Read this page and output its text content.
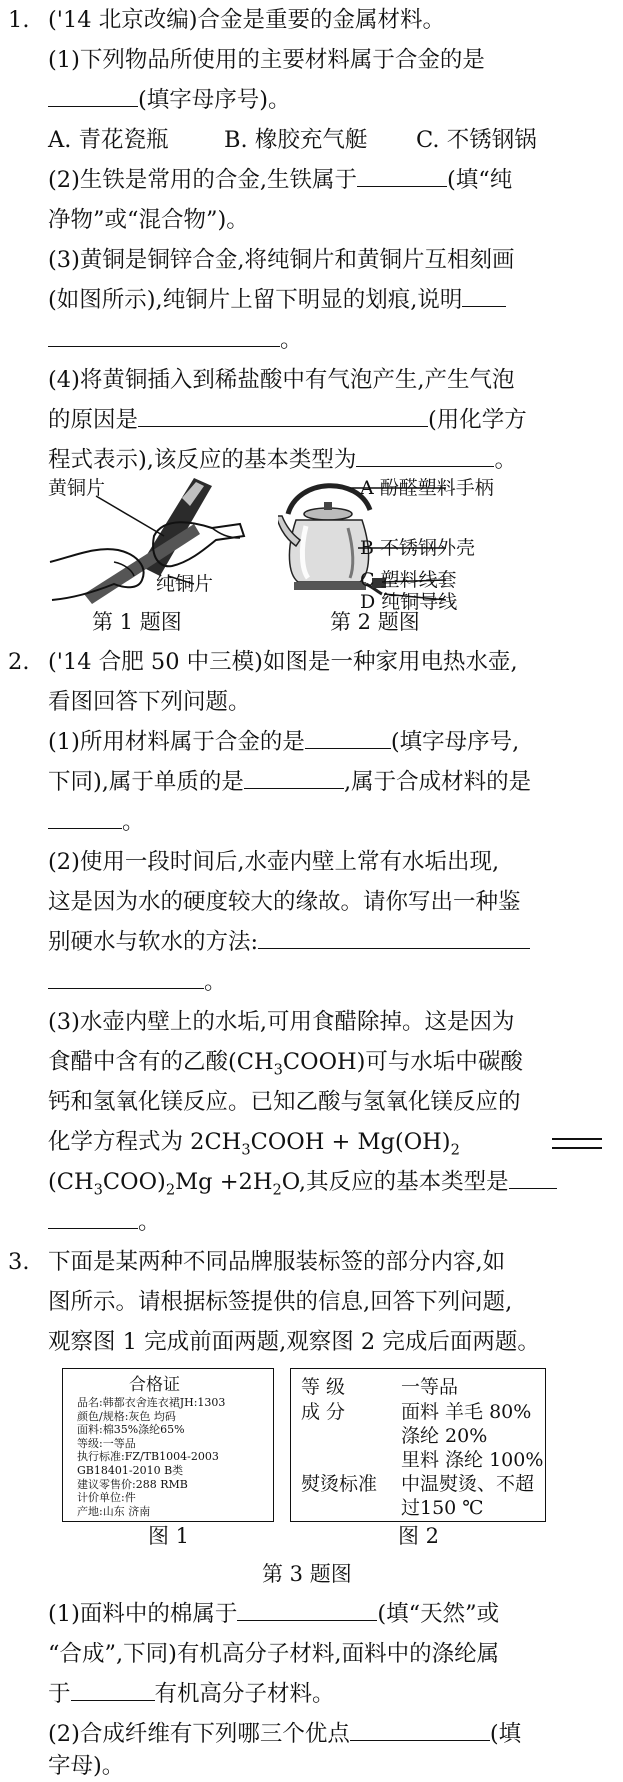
1. ('14 北京改编)合金是重要的金属材料。
(1)下列物品所使用的主要材料属于合金的是
(填字母序号)。
A. 青花瓷瓶 B. 橡胶充气艇 C. 不锈钢锅
(2)生铁是常用的合金,生铁属于	(填“纯
净物”或“混合物”)。
(3)黄铜是铜锌合金,将纯铜片和黄铜片互相刻画
(如图所示),纯铜片上留下明显的划痕,说明
。
(4)将黄铜插入到稀盐酸中有气泡产生,产生气泡
的原因是	(用化学方
程式表示),该反应的基本类型为	。
黄铜片
纯铜片
第 1 题图
A 酚醛塑料手柄
B 不锈钢外壳
C 塑料线套
D 纯铜导线
第 2 题图
2. ('14 合肥 50 中三模)如图是一种家用电热水壶,
看图回答下列问题。
(1)所用材料属于合金的是	(填字母序号,
下同),属于单质的是	,属于合成材料的是
。
(2)使用一段时间后,水壶内壁上常有水垢出现,
这是因为水的硬度较大的缘故。请你写出一种鉴
别硬水与软水的方法:
。
(3)水壶内壁上的水垢,可用食醋除掉。这是因为
食醋中含有的乙酸$(CH_3COOH)$可与水垢中碳酸
钙和氢氧化镁反应。已知乙酸与氢氧化镁反应的
化学方程式为 $2CH_3COOH + Mg(OH)_2$
$(CH_3COO)_2Mg +2H_2O$,其反应的基本类型是
。
3. 下面是某两种不同品牌服装标签的部分内容,如
图所示。请根据标签提供的信息,回答下列问题,
观察图 1 完成前面两题,观察图 2 完成后面两题。
合格证
品名:韩都衣舍连衣裙JH:1303
颜色/规格:灰色 均码
面料:棉35%涤纶65%
等级:一等品
执行标准:FZ/TB1004-2003
GB18401-2010 B类
建议零售价:288 RMB
计价单位:件
产地:山东 济南
图 1
等 级	一等品
成 分	面料 羊毛 80%
涤纶 20%
里料 涤纶 100%
熨烫标准 中温熨烫、不超
过150 ℃
图 2
第 3 题图
(1)面料中的棉属于	(填“天然”或
“合成”,下同)有机高分子材料,面料中的涤纶属
于	有机高分子材料。
(2)合成纤维有下列哪三个优点	(填
字母)。
